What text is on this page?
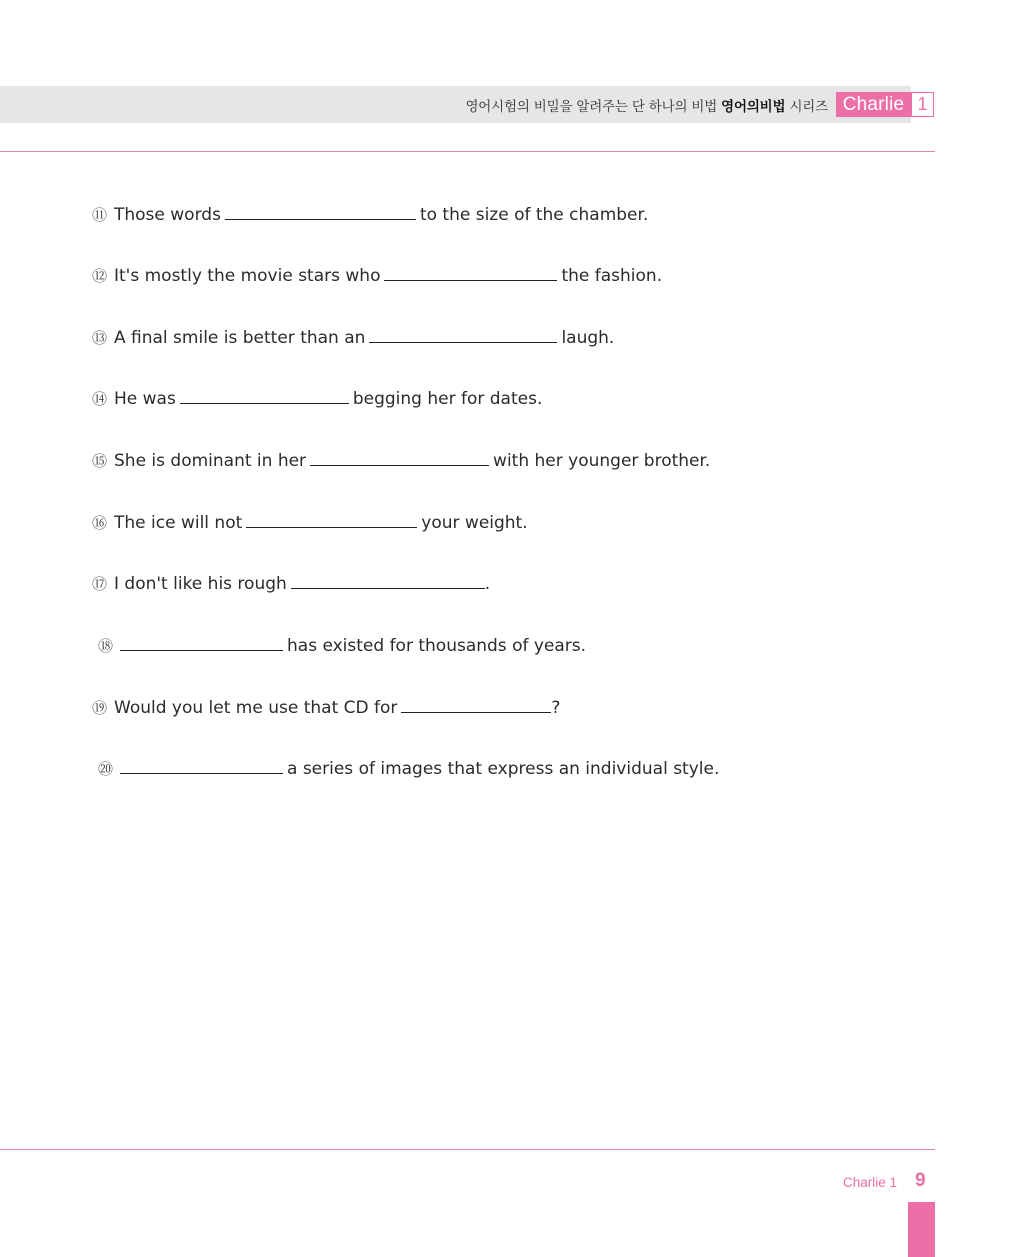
영어시험의 비밀을 알려주는 단 하나의 비법 영어의비법 시리즈 Charlie 1
⑪ Those words	to the size of the chamber.
⑫ It's mostly the movie stars who	the fashion.
⑬ A final smile is better than an	laugh.
⑭ He was	begging her for dates.
⑮ She is dominant in her	with her younger brother.
⑯ The ice will not	your weight.
⑰ I don't like his rough	.
⑱	has existed for thousands of years.
⑲ Would you let me use that CD for	?
⑳	a series of images that express an individual style.
Charlie 1 9
